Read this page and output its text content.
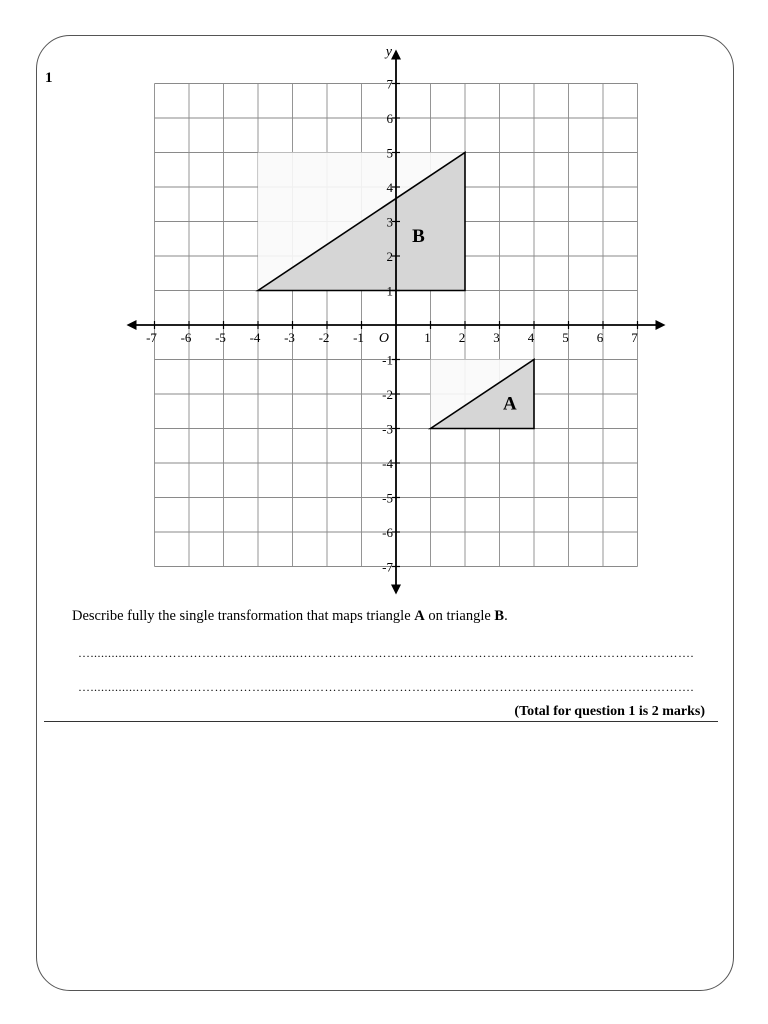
1
-7 -6 -5 -4 -3 -2 -1	1 2 3 4 5 6 7
7
6
5
4
3
2
1
-1
-2
-3
-4
-5
-6
-7
O
y
B
A
Describe fully the single transformation that maps triangle A on triangle B.
…..............…………………………..........…………………………………………………………….…………………….
…..............…………………………..........…………………………………………………………….…………………….
(Total for question 1 is 2 marks)
